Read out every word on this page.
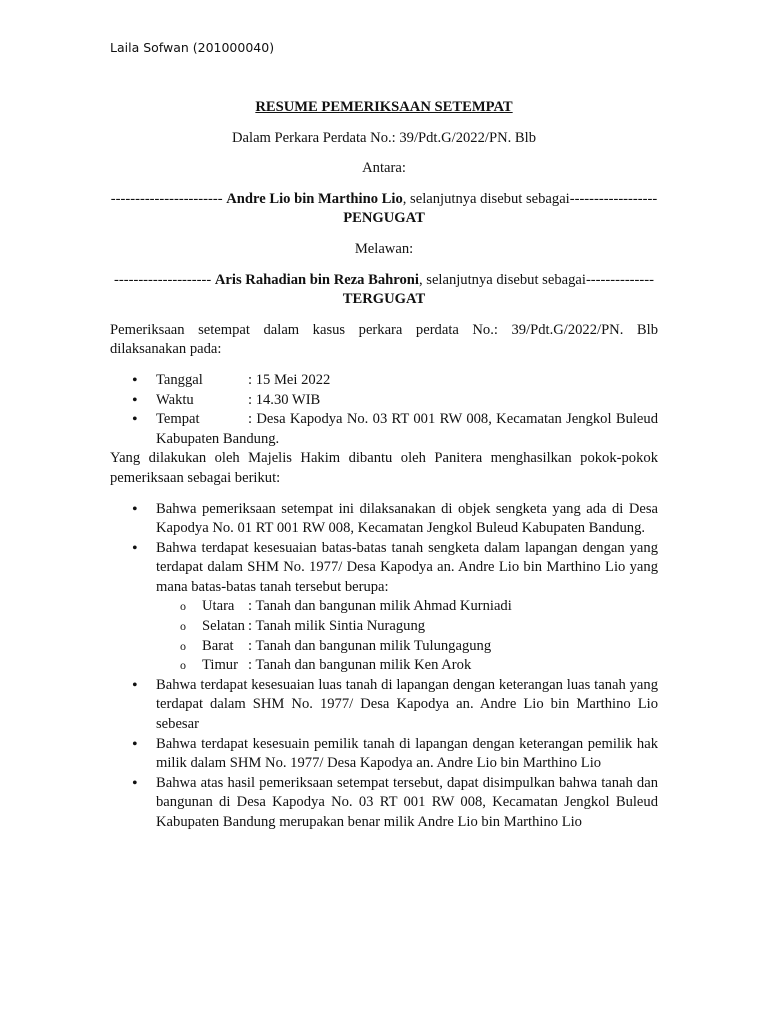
Laila Sofwan (201000040)
RESUME PEMERIKSAAN SETEMPAT
Dalam Perkara Perdata No.: 39/Pdt.G/2022/PN. Blb
Antara:
----------------------- Andre Lio bin Marthino Lio, selanjutnya disebut sebagai------------------PENGUGAT
Melawan:
-------------------- Aris Rahadian bin Reza Bahroni, selanjutnya disebut sebagai--------------TERGUGAT
Pemeriksaan setempat dalam kasus perkara perdata No.: 39/Pdt.G/2022/PN. Blb dilaksanakan pada:
• Tanggal	: 15 Mei 2022
• Waktu	: 14.30 WIB
• Tempat	: Desa Kapodya No. 03 RT 001 RW 008, Kecamatan Jengkol Buleud Kabupaten Bandung.
Yang dilakukan oleh Majelis Hakim dibantu oleh Panitera menghasilkan pokok-pokok pemeriksaan sebagai berikut:
• Bahwa pemeriksaan setempat ini dilaksanakan di objek sengketa yang ada di Desa Kapodya No. 01 RT 001 RW 008, Kecamatan Jengkol Buleud Kabupaten Bandung.
• Bahwa terdapat kesesuaian batas-batas tanah sengketa dalam lapangan dengan yang terdapat dalam SHM No. 1977/ Desa Kapodya an. Andre Lio bin Marthino Lio yang mana batas-batas tanah tersebut berupa:
o Utara : Tanah dan bangunan milik Ahmad Kurniadi
o Selatan : Tanah milik Sintia Nuragung
o Barat : Tanah dan bangunan milik Tulungagung
o Timur : Tanah dan bangunan milik Ken Arok
• Bahwa terdapat kesesuaian luas tanah di lapangan dengan keterangan luas tanah yang terdapat dalam SHM No. 1977/ Desa Kapodya an. Andre Lio bin Marthino Lio sebesar
• Bahwa terdapat kesesuain pemilik tanah di lapangan dengan keterangan pemilik hak milik dalam SHM No. 1977/ Desa Kapodya an. Andre Lio bin Marthino Lio
• Bahwa atas hasil pemeriksaan setempat tersebut, dapat disimpulkan bahwa tanah dan bangunan di Desa Kapodya No. 03 RT 001 RW 008, Kecamatan Jengkol Buleud Kabupaten Bandung merupakan benar milik Andre Lio bin Marthino Lio
